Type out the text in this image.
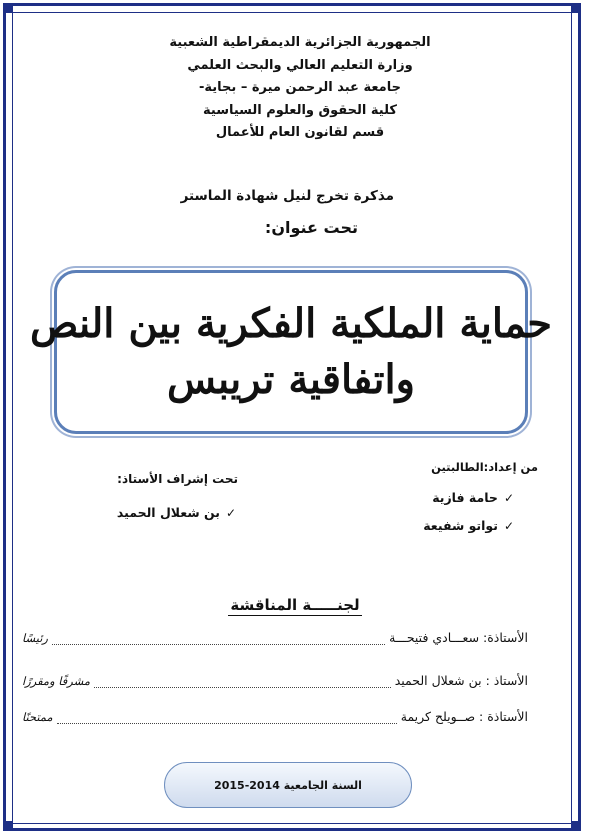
الجمهورية الجزائرية الديمقراطية الشعبية
وزارة التعليم العالي والبحث العلمي
جامعة عبد الرحمن ميرة – بجاية-
كلية الحقوق والعلوم السياسية
قسم لقانون العام للأعمال
مذكرة تخرج لنيل شهادة الماستر
تحت عنوان:
حماية الملكية الفكرية بين النص
واتفاقية تريبس
من إعداد:الطالبتين
✓حامة فازية
✓تواتو شفيعة
تحت إشراف الأستاذ:
✓بن شعلال الحميد
لجنـــــة المناقشة
الأستاذة: سعـــادي فتيحـــة
رئيسًا
الأستاذ : بن شعلال الحميد
مشرفًا ومقررًا
الأستاذة : صــويلح كريمة
ممتحنًا
السنة الجامعية 2014-2015
